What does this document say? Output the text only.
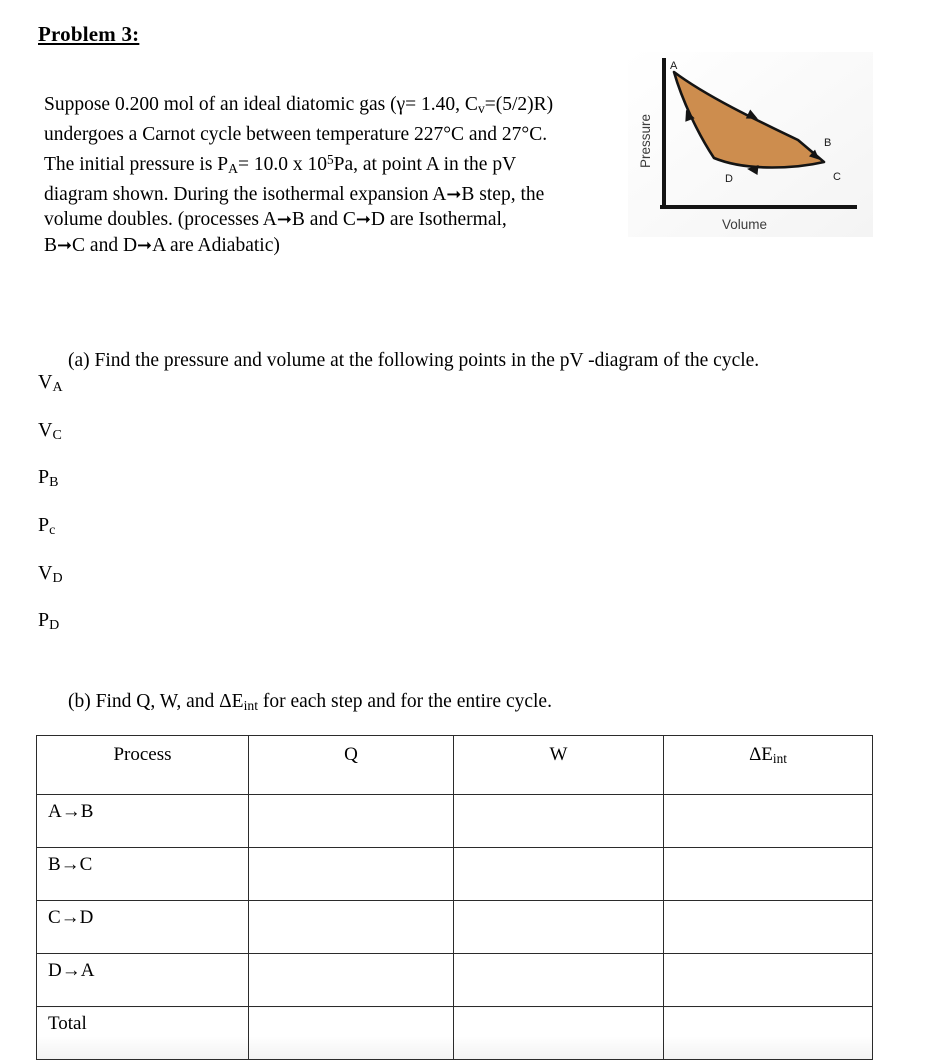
Problem 3:
Suppose 0.200 mol of an ideal diatomic gas (γ= 1.40, $C_v=(5/2)R$)
undergoes a Carnot cycle between temperature 227°C and 27°C.
The initial pressure is $P_A= 10.0$ x $10^5Pa$, at point A in the pV
diagram shown. During the isothermal expansion A➞B step, the
volume doubles. (processes A➞B and C➞D are Isothermal,
B➞C and D➞A are Adiabatic)
A
B
C
D
Pressure
Volume
(a) Find the pressure and volume at the following points in the pV -diagram of the cycle.
$V_A$
$V_C$
$P_B$
$P_c$
$V_D$
$P_D$
(b) Find Q, W, and $\Delta E_{int}$ for each step and for the entire cycle.
Process	Q	W	$\Delta E_{int}$
A→B			
B→C			
C→D			
D→A			
Total			
